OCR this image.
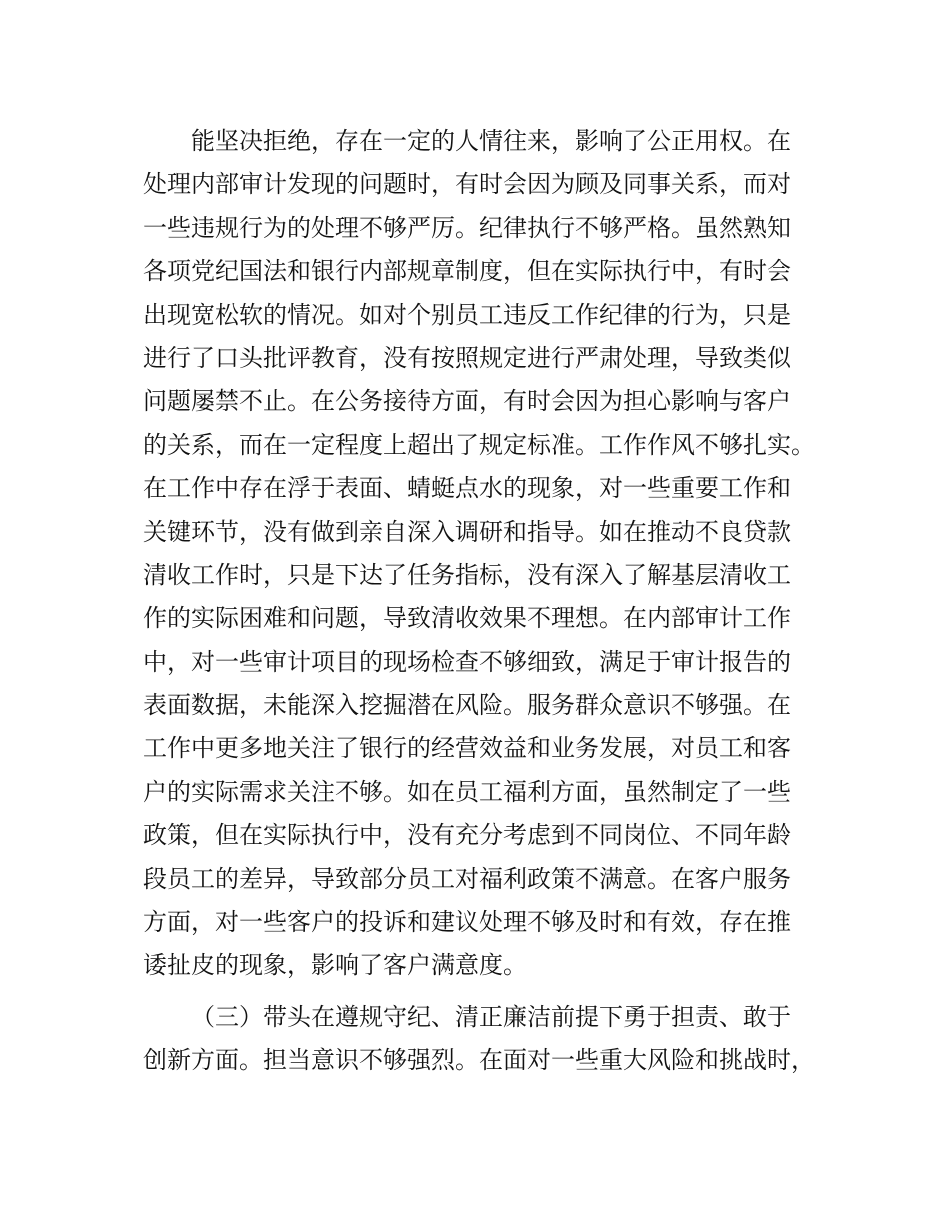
能坚决拒绝，存在一定的人情往来，影响了公正用权。在
处理内部审计发现的问题时，有时会因为顾及同事关系，而对
一些违规行为的处理不够严厉。纪律执行不够严格。虽然熟知
各项党纪国法和银行内部规章制度，但在实际执行中，有时会
出现宽松软的情况。如对个别员工违反工作纪律的行为，只是
进行了口头批评教育，没有按照规定进行严肃处理，导致类似
问题屡禁不止。在公务接待方面，有时会因为担心影响与客户
的关系，而在一定程度上超出了规定标准。工作作风不够扎实。
在工作中存在浮于表面、蜻蜓点水的现象，对一些重要工作和
关键环节，没有做到亲自深入调研和指导。如在推动不良贷款
清收工作时，只是下达了任务指标，没有深入了解基层清收工
作的实际困难和问题，导致清收效果不理想。在内部审计工作
中，对一些审计项目的现场检查不够细致，满足于审计报告的
表面数据，未能深入挖掘潜在风险。服务群众意识不够强。在
工作中更多地关注了银行的经营效益和业务发展，对员工和客
户的实际需求关注不够。如在员工福利方面，虽然制定了一些
政策，但在实际执行中，没有充分考虑到不同岗位、不同年龄
段员工的差异，导致部分员工对福利政策不满意。在客户服务
方面，对一些客户的投诉和建议处理不够及时和有效，存在推
诿扯皮的现象，影响了客户满意度。
（三）带头在遵规守纪、清正廉洁前提下勇于担责、敢于
创新方面。担当意识不够强烈。在面对一些重大风险和挑战时，
